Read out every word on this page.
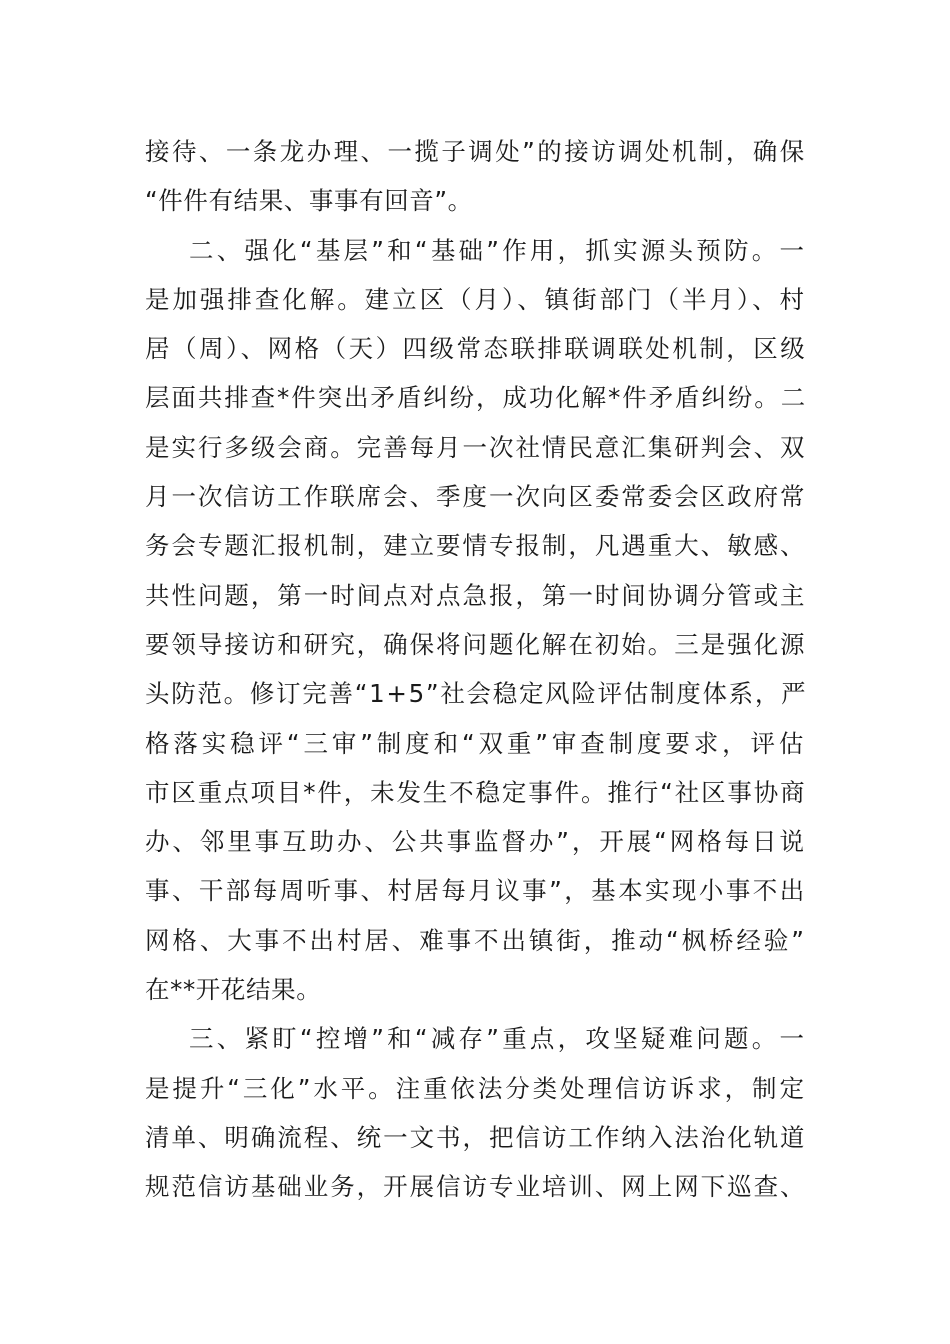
接待、一条龙办理、一揽子调处”的接访调处机制，确保
“件件有结果、事事有回音”。
二、强化“基层”和“基础”作用，抓实源头预防。一
是加强排查化解。建立区（月）、镇街部门（半月）、村
居（周）、网格（天）四级常态联排联调联处机制，区级
层面共排查*件突出矛盾纠纷，成功化解*件矛盾纠纷。二
是实行多级会商。完善每月一次社情民意汇集研判会、双
月一次信访工作联席会、季度一次向区委常委会区政府常
务会专题汇报机制，建立要情专报制，凡遇重大、敏感、
共性问题，第一时间点对点急报，第一时间协调分管或主
要领导接访和研究，确保将问题化解在初始。三是强化源
头防范。修订完善“1+5”社会稳定风险评估制度体系，严
格落实稳评“三审”制度和“双重”审查制度要求，评估
市区重点项目*件，未发生不稳定事件。推行“社区事协商
办、邻里事互助办、公共事监督办”，开展“网格每日说
事、干部每周听事、村居每月议事”，基本实现小事不出
网格、大事不出村居、难事不出镇街，推动“枫桥经验”
在**开花结果。
三、紧盯“控增”和“减存”重点，攻坚疑难问题。一
是提升“三化”水平。注重依法分类处理信访诉求，制定
清单、明确流程、统一文书，把信访工作纳入法治化轨道
规范信访基础业务，开展信访专业培训、网上网下巡查、
